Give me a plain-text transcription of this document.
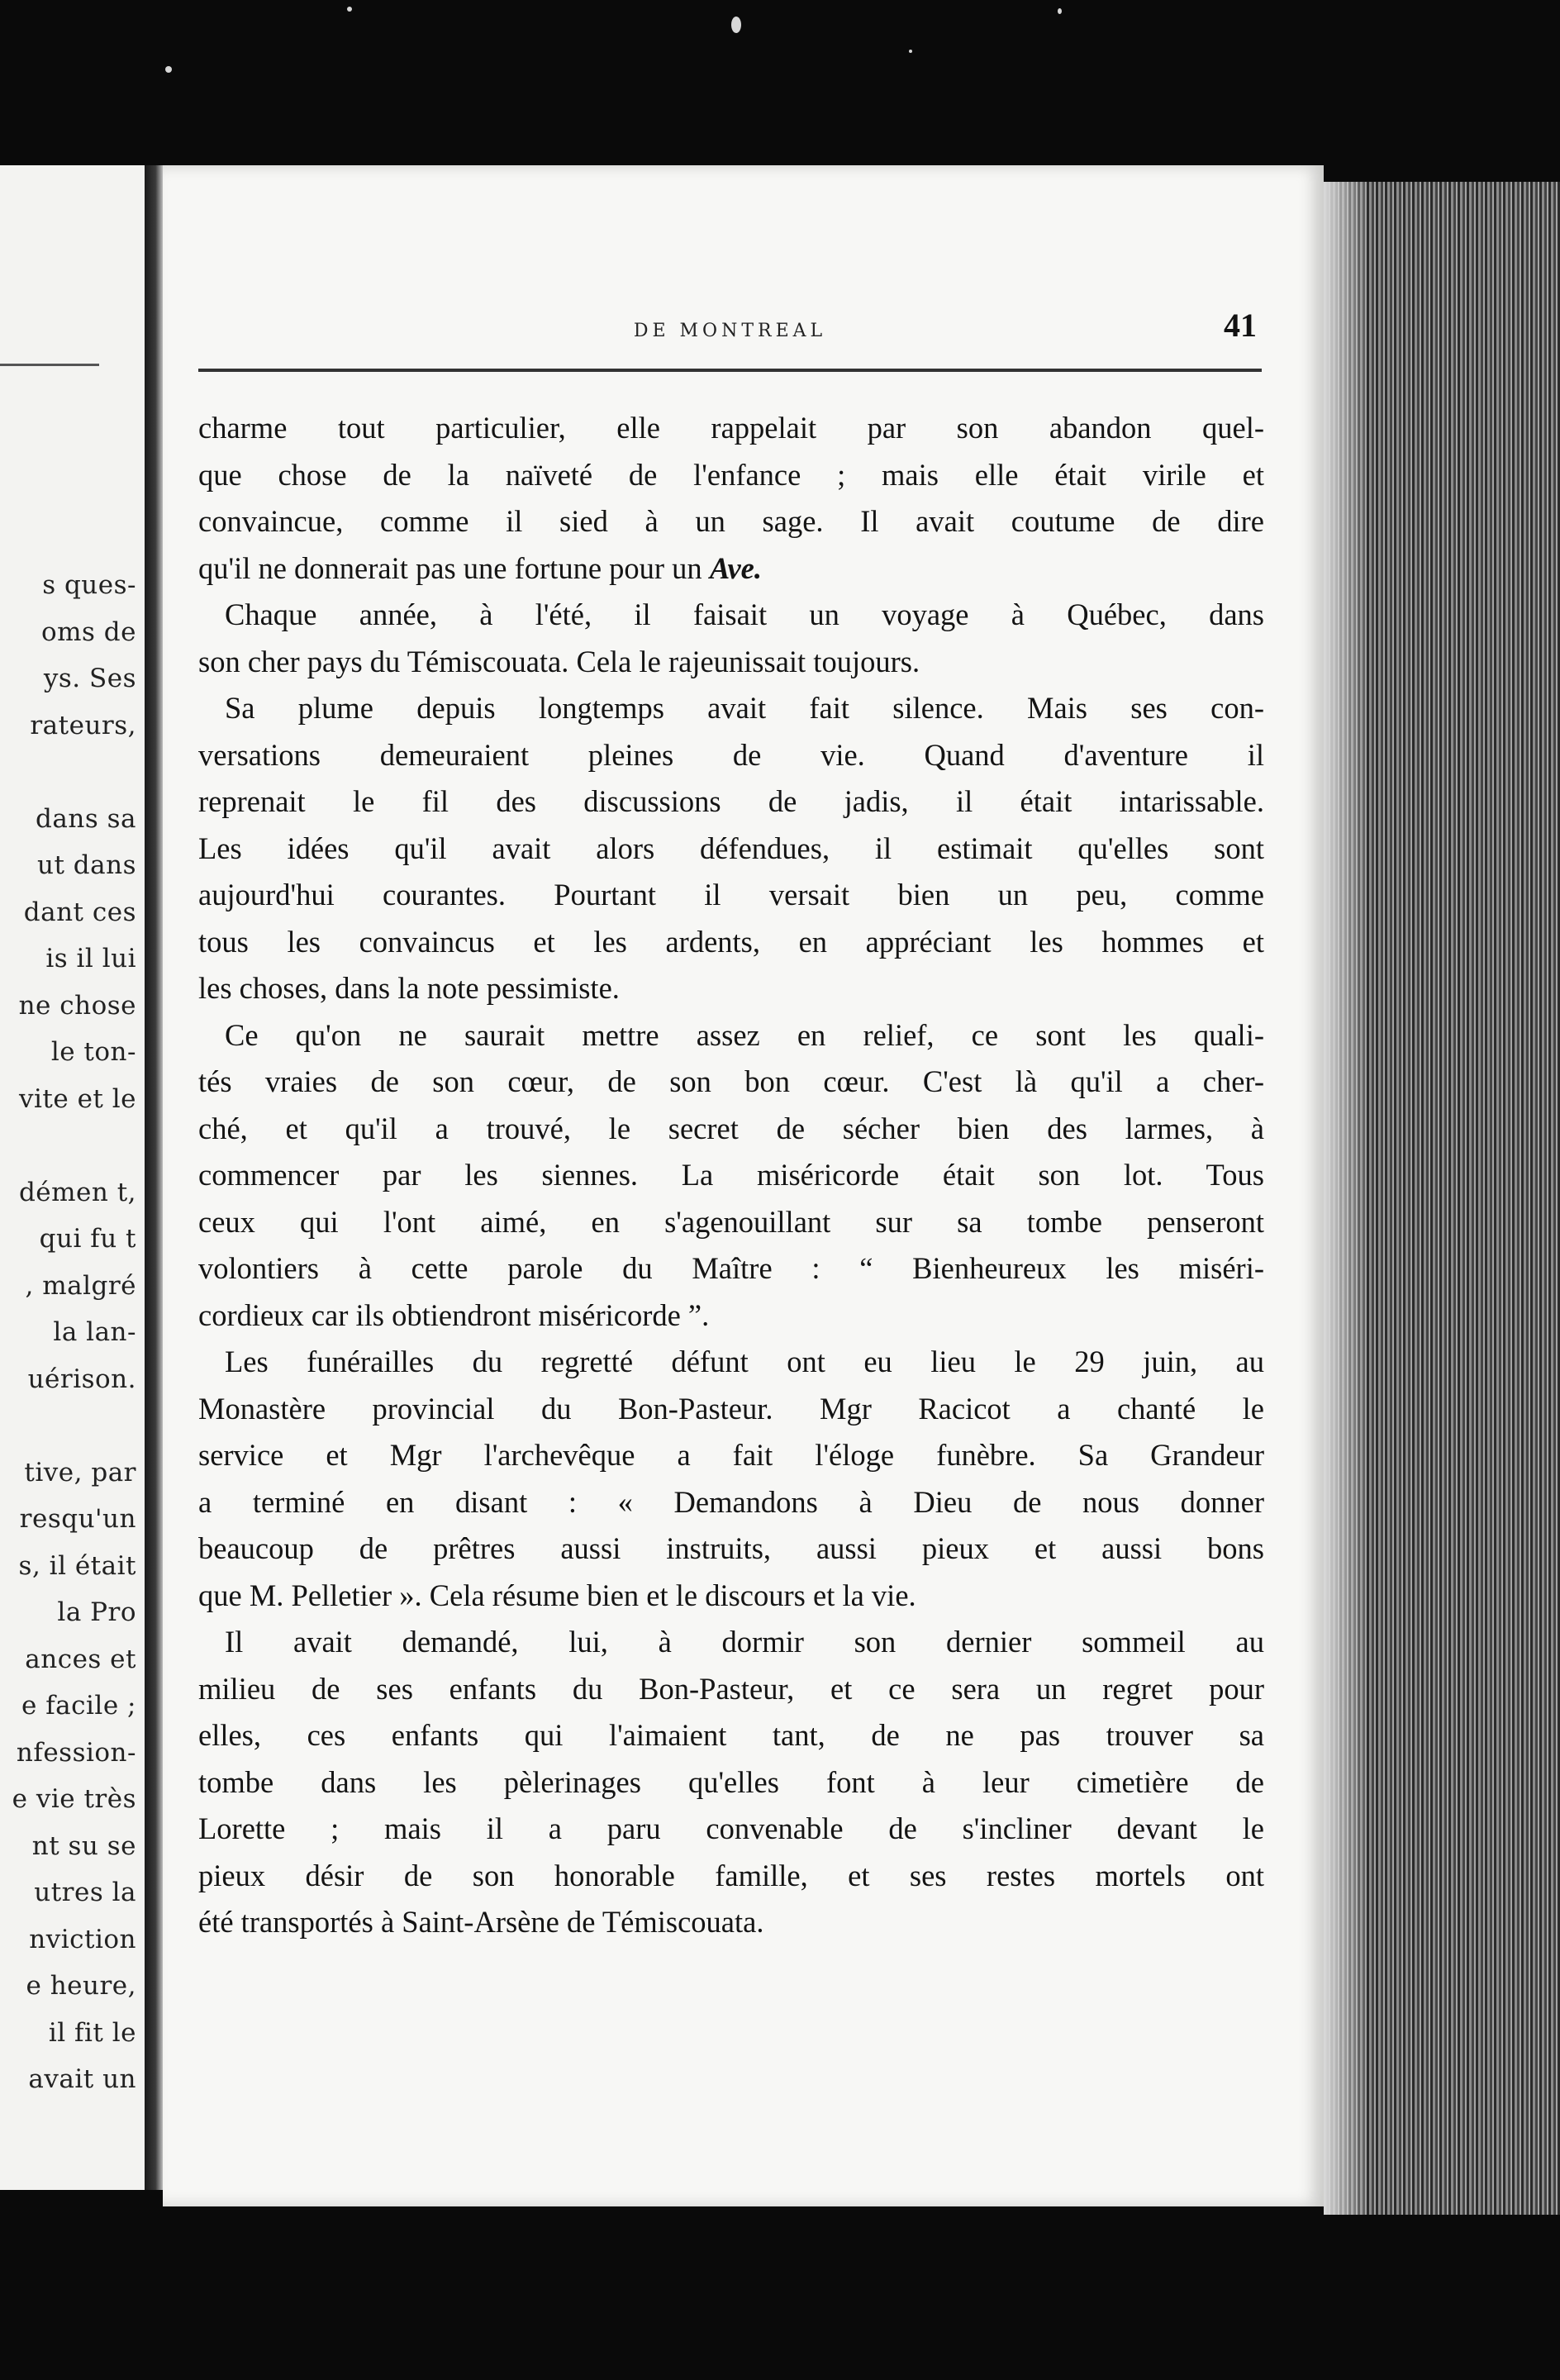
s ques-
oms de
ys. Ses
rateurs,
dans sa
ut dans
dant ces
is il lui
ne chose
le ton-
vite et le
démen t,
qui fu t
, malgré
la lan-
uérison.
tive, par
resqu'un
s, il était
la Pro
ances et
e facile ;
nfession-
e vie très
nt su se
utres la
nviction
e heure,
il fit le
avait un
DE MONTREAL	41

charme tout particulier, elle rappelait par son abandon quel-
que chose de la naïveté de l'enfance ; mais elle était virile et
convaincue, comme il sied à un sage. Il avait coutume de dire
qu'il ne donnerait pas une fortune pour un Ave.

Chaque année, à l'été, il faisait un voyage à Québec, dans
son cher pays du Témiscouata. Cela le rajeunissait toujours.

Sa plume depuis longtemps avait fait silence. Mais ses con-
versations demeuraient pleines de vie. Quand d'aventure il
reprenait le fil des discussions de jadis, il était intarissable.
Les idées qu'il avait alors défendues, il estimait qu'elles sont
aujourd'hui courantes. Pourtant il versait bien un peu, comme
tous les convaincus et les ardents, en appréciant les hommes et
les choses, dans la note pessimiste.

Ce qu'on ne saurait mettre assez en relief, ce sont les quali-
tés vraies de son cœur, de son bon cœur. C'est là qu'il a cher-
ché, et qu'il a trouvé, le secret de sécher bien des larmes, à
commencer par les siennes. La miséricorde était son lot. Tous
ceux qui l'ont aimé, en s'agenouillant sur sa tombe penseront
volontiers à cette parole du Maître : “ Bienheureux les miséri-
cordieux car ils obtiendront miséricorde ”.

Les funérailles du regretté défunt ont eu lieu le 29 juin, au
Monastère provincial du Bon-Pasteur. Mgr Racicot a chanté le
service et Mgr l'archevêque a fait l'éloge funèbre. Sa Grandeur
a terminé en disant : « Demandons à Dieu de nous donner
beaucoup de prêtres aussi instruits, aussi pieux et aussi bons
que M. Pelletier ». Cela résume bien et le discours et la vie.

Il avait demandé, lui, à dormir son dernier sommeil au
milieu de ses enfants du Bon-Pasteur, et ce sera un regret pour
elles, ces enfants qui l'aimaient tant, de ne pas trouver sa
tombe dans les pèlerinages qu'elles font à leur cimetière de
Lorette ; mais il a paru convenable de s'incliner devant le
pieux désir de son honorable famille, et ses restes mortels ont
été transportés à Saint-Arsène de Témiscouata.
